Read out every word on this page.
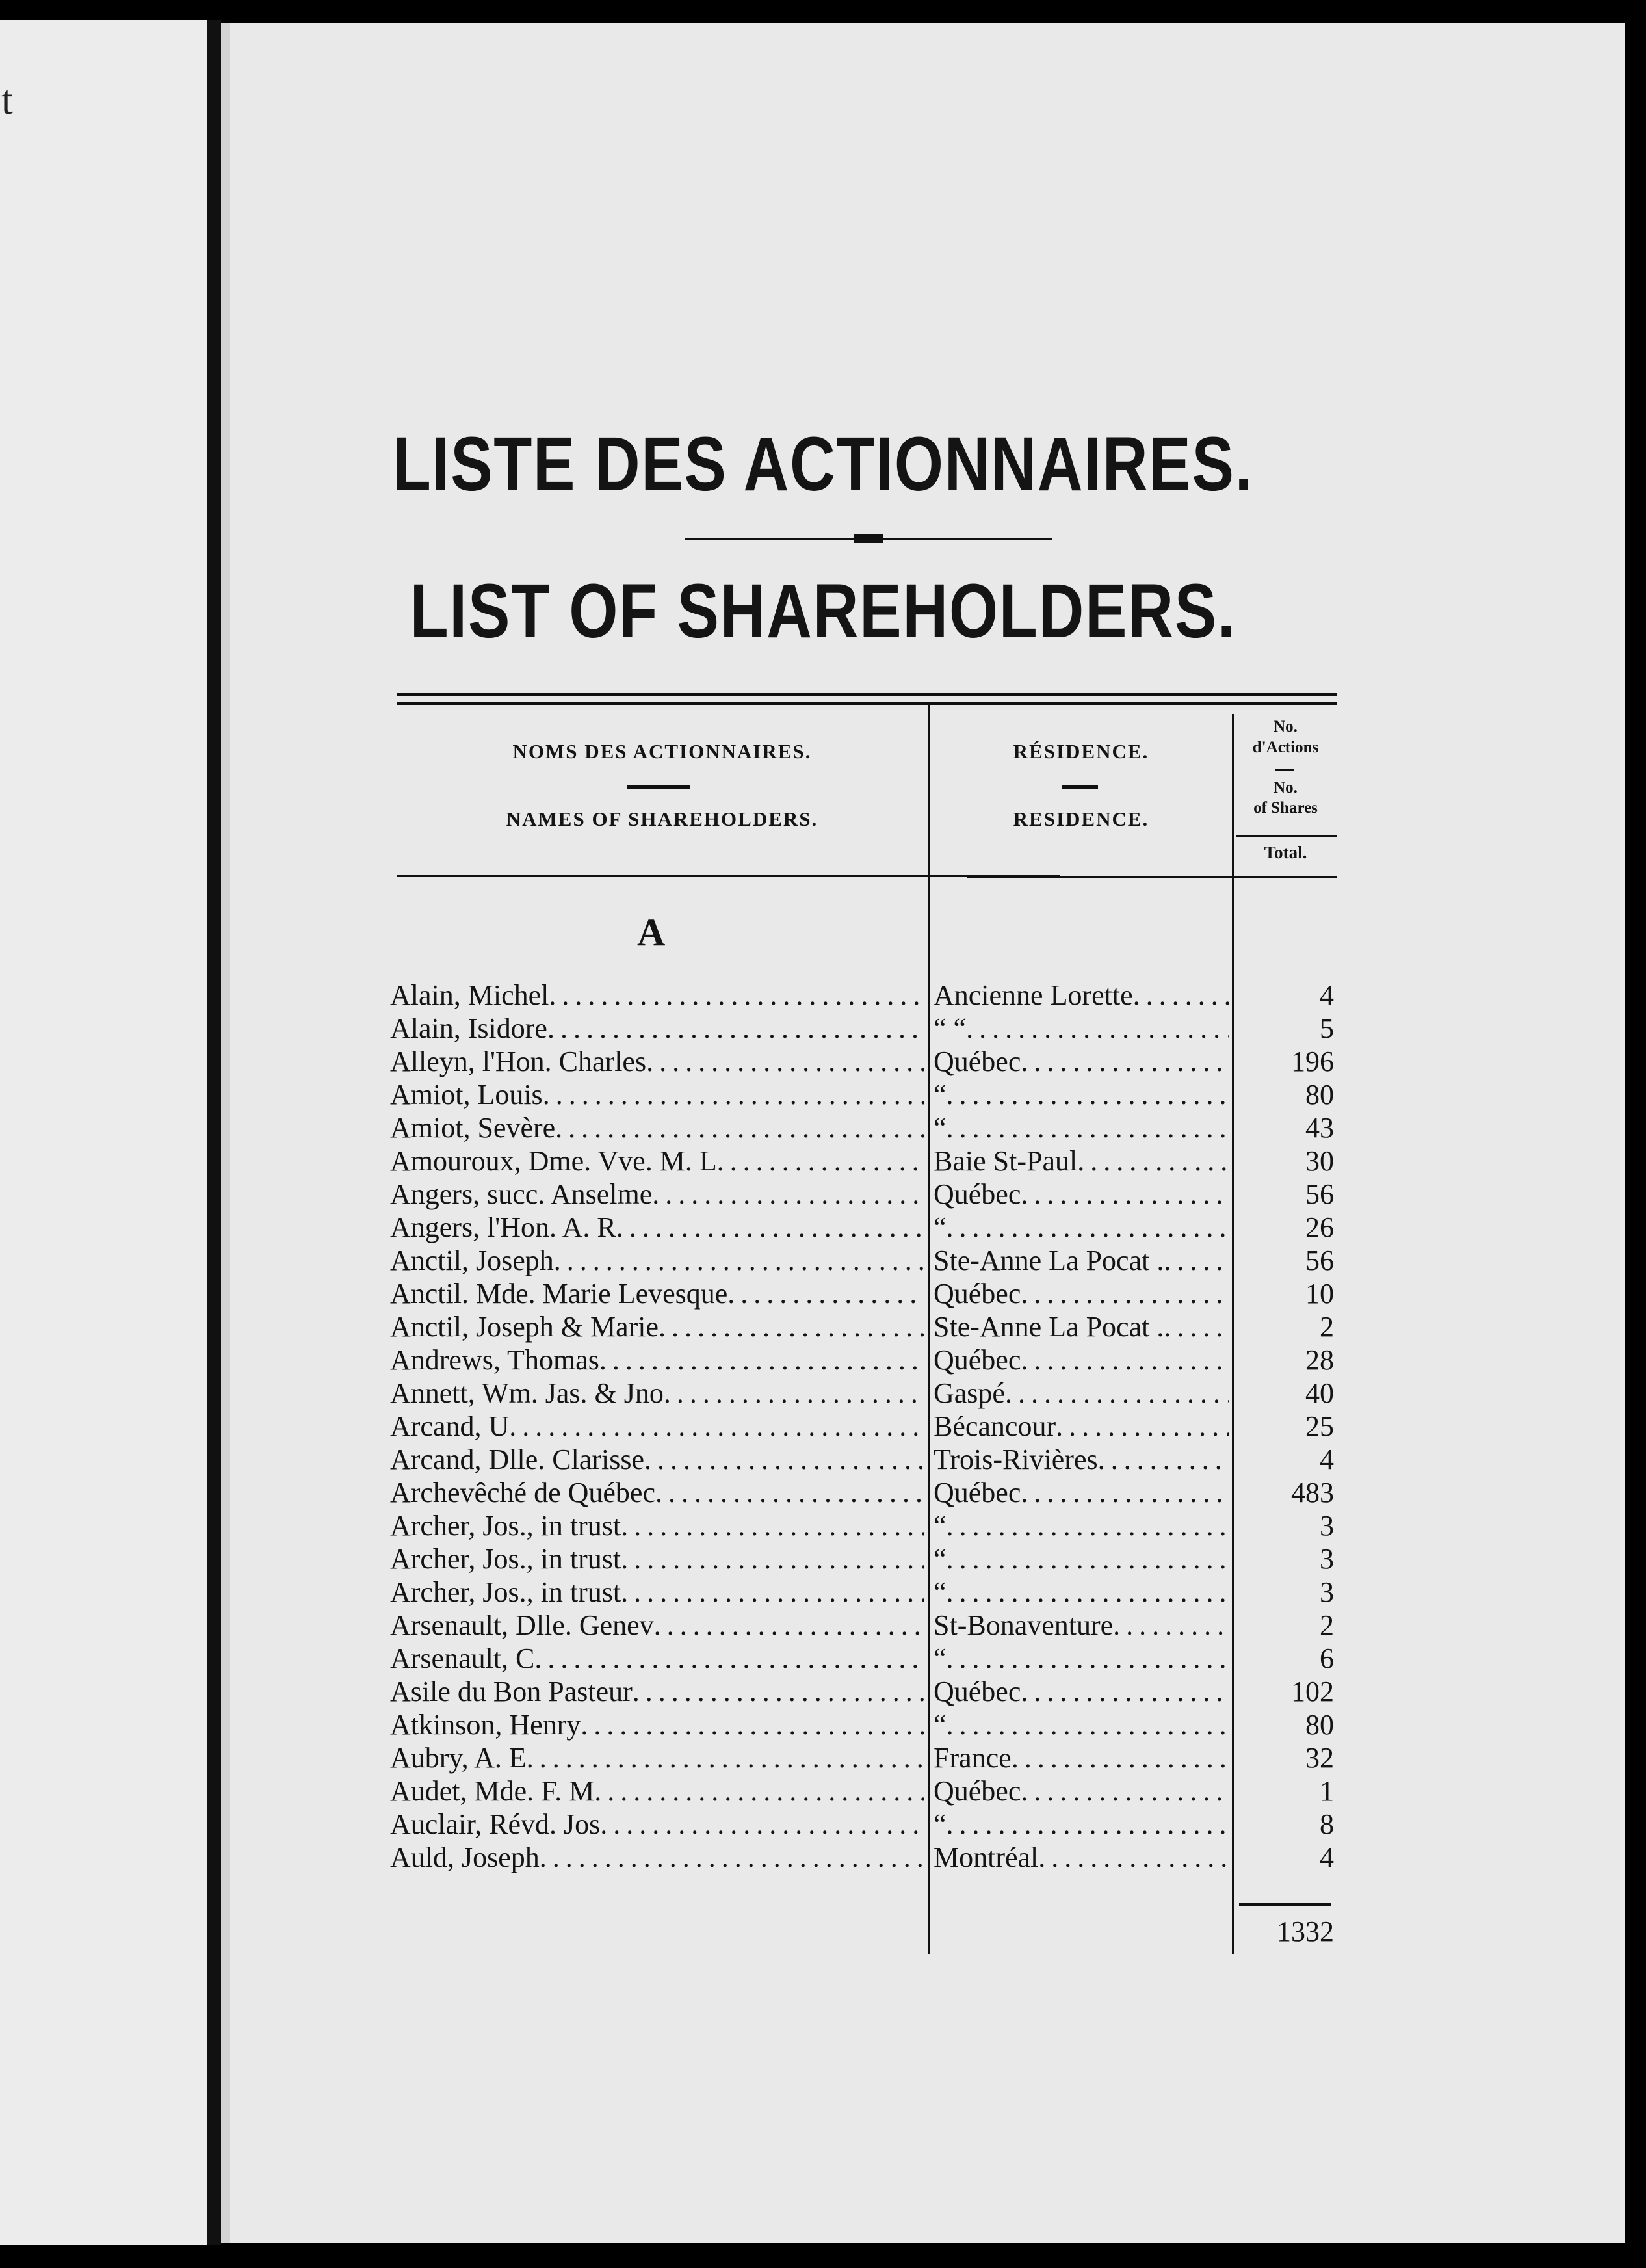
t
LISTE DES ACTIONNAIRES.
LIST OF SHAREHOLDERS.
NOMS DES ACTIONNAIRES.
NAMES OF SHAREHOLDERS.
RÉSIDENCE.
RESIDENCE.
No.
d'Actions
No.
of Shares
Total.
A
Alain, Michel . . .	Ancienne Lorette . . .	4
Alain, Isidore . . .	“ “ . . .	5
Alleyn, l'Hon. Charles . . .	Québec . . .	196
Amiot, Louis . . .	“ . . .	80
Amiot, Sevère . . .	“ . . .	43
Amouroux, Dme. Vve. M. L . . .	Baie St-Paul . . .	30
Angers, succ. Anselme . . .	Québec . . .	56
Angers, l'Hon. A. R . . .	“ . . .	26
Anctil, Joseph . . .	Ste-Anne La Pocat . . . .	56
Anctil. Mde. Marie Levesque . . .	Québec . . .	10
Anctil, Joseph & Marie . . .	Ste-Anne La Pocat . . . .	2
Andrews, Thomas . . .	Québec . . .	28
Annett, Wm. Jas. & Jno . . .	Gaspé . . .	40
Arcand, U . . .	Bécancour . . .	25
Arcand, Dlle. Clarisse . . .	Trois-Rivières . . .	4
Archevêché de Québec . . .	Québec . . .	483
Archer, Jos., in trust . . .	“ . . .	3
Archer, Jos., in trust . . .	“ . . .	3
Archer, Jos., in trust . . .	“ . . .	3
Arsenault, Dlle. Genev . . .	St-Bonaventure . . .	2
Arsenault, C . . .	“ . . .	6
Asile du Bon Pasteur . . .	Québec . . .	102
Atkinson, Henry . . .	“ . . .	80
Aubry, A. E . . .	France . . .	32
Audet, Mde. F. M . . .	Québec . . .	1
Auclair, Révd. Jos . . .	“ . . .	8
Auld, Joseph . . .	Montréal . . .	4
1332
